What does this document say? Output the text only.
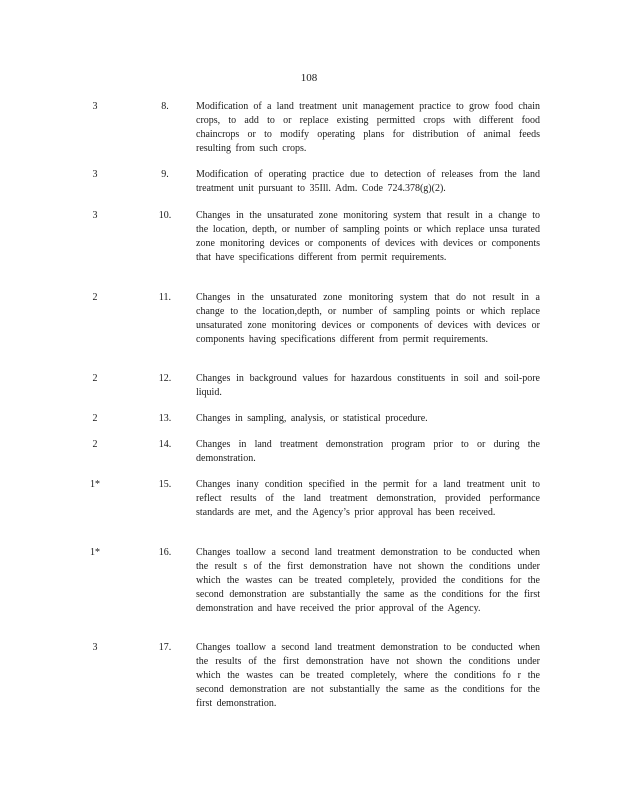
108
3	8.	Modification of a land treatment unit management practice to grow food chain crops, to add to or replace existing permitted crops with different food chaincrops or to modify operating plans for distribution of animal feeds resulting from such crops.
3	9.	Modification of operating practice due to detection of releases from the land treatment unit pursuant to 35Ill. Adm. Code 724.378(g)(2).
3	10.	Changes in the unsaturated zone monitoring system that result in a change to the location, depth, or number of sampling points or which replace unsa turated zone monitoring devices or components of devices with devices or components that have specifications different from permit requirements.
2	11.	Changes in the unsaturated zone monitoring system that do not result in a change to the location,depth, or number of sampling points or which replace unsaturated zone monitoring devices or components of devices with devices or components having specifications different from permit requirements.
2	12.	Changes in background values for hazardous constituents in soil and soil-pore liquid.
2	13.	Changes in sampling, analysis, or statistical procedure.
2	14.	Changes in land treatment demonstration program prior to or during the demonstration.
1*	15.	Changes inany condition specified in the permit for a land treatment unit to reflect results of the land treatment demonstration, provided performance standards are met, and the Agency’s prior approval has been received.
1*	16.	Changes toallow a second land treatment demonstration to be conducted when the result s of the first demonstration have not shown the conditions under which the wastes can be treated completely, provided the conditions for the second demonstration are substantially the same as the conditions for the first demonstration and have received the prior approval of the Agency.
3	17.	Changes toallow a second land treatment demonstration to be conducted when the results of the first demonstration have not shown the conditions under which the wastes can be treated completely, where the conditions fo r the second demonstration are not substantially the same as the conditions for the first demonstration.
